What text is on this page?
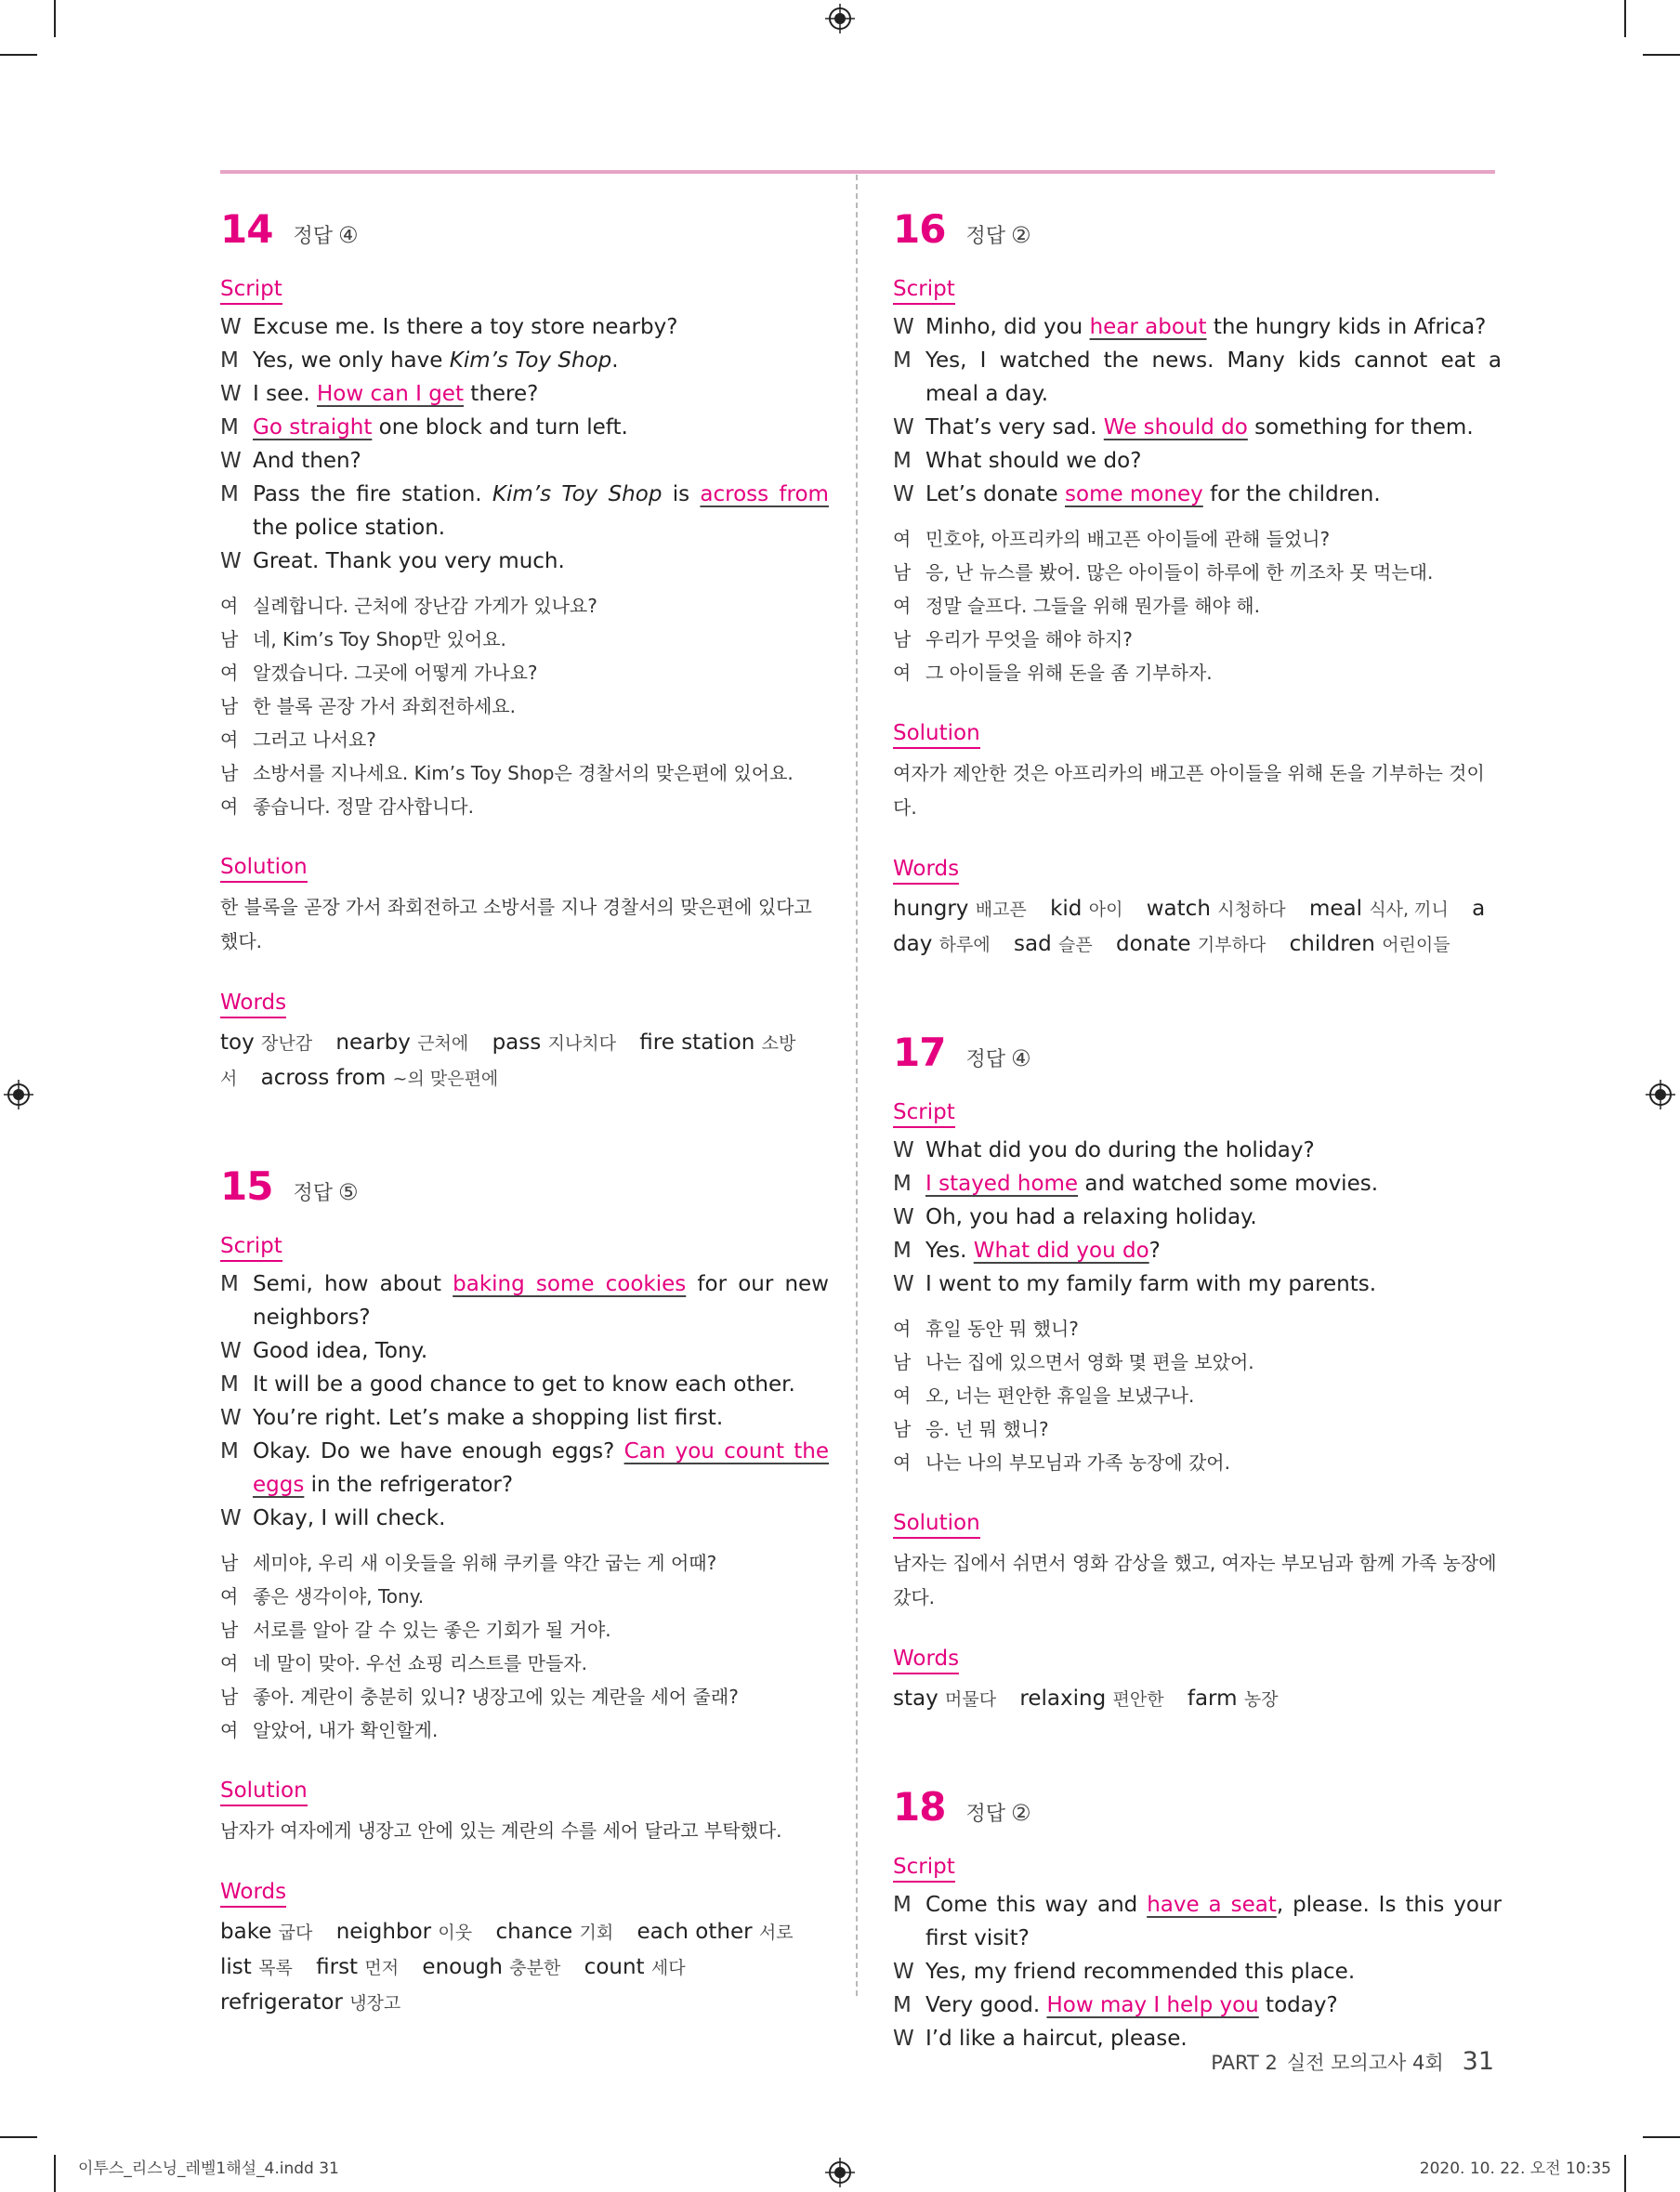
14 정답 ④
Script
W Excuse me. Is there a toy store nearby?
M Yes, we only have Kim’s Toy Shop.
W I see. How can I get there?
M Go straight one block and turn left.
W And then?
M Pass the fire station. Kim’s Toy Shop is across from the police station.
W Great. Thank you very much.
여 실례합니다. 근처에 장난감 가게가 있나요?
남 네, Kim’s Toy Shop만 있어요.
여 알겠습니다. 그곳에 어떻게 가나요?
남 한 블록 곧장 가서 좌회전하세요.
여 그러고 나서요?
남 소방서를 지나세요. Kim’s Toy Shop은 경찰서의 맞은편에 있어요.
여 좋습니다. 정말 감사합니다.
Solution
한 블록을 곧장 가서 좌회전하고 소방서를 지나 경찰서의 맞은편에 있다고 했다.
Words
toy 장난감 nearby 근처에 pass 지나치다 fire station 소방서 across from ~의 맞은편에
15 정답 ⑤
Script
M Semi, how about baking some cookies for our new neighbors?
W Good idea, Tony.
M It will be a good chance to get to know each other.
W You’re right. Let’s make a shopping list first.
M Okay. Do we have enough eggs? Can you count the eggs in the refrigerator?
W Okay, I will check.
남 세미야, 우리 새 이웃들을 위해 쿠키를 약간 굽는 게 어때?
여 좋은 생각이야, Tony.
남 서로를 알아 갈 수 있는 좋은 기회가 될 거야.
여 네 말이 맞아. 우선 쇼핑 리스트를 만들자.
남 좋아. 계란이 충분히 있니? 냉장고에 있는 계란을 세어 줄래?
여 알았어, 내가 확인할게.
Solution
남자가 여자에게 냉장고 안에 있는 계란의 수를 세어 달라고 부탁했다.
Words
bake 굽다 neighbor 이웃 chance 기회 each other 서로 list 목록 first 먼저 enough 충분한 count 세다 refrigerator 냉장고
16 정답 ②
Script
W Minho, did you hear about the hungry kids in Africa?
M Yes, I watched the news. Many kids cannot eat a meal a day.
W That’s very sad. We should do something for them.
M What should we do?
W Let’s donate some money for the children.
여 민호야, 아프리카의 배고픈 아이들에 관해 들었니?
남 응, 난 뉴스를 봤어. 많은 아이들이 하루에 한 끼조차 못 먹는대.
여 정말 슬프다. 그들을 위해 뭔가를 해야 해.
남 우리가 무엇을 해야 하지?
여 그 아이들을 위해 돈을 좀 기부하자.
Solution
여자가 제안한 것은 아프리카의 배고픈 아이들을 위해 돈을 기부하는 것이다.
Words
hungry 배고픈 kid 아이 watch 시청하다 meal 식사, 끼니 a day 하루에 sad 슬픈 donate 기부하다 children 어린이들
17 정답 ④
Script
W What did you do during the holiday?
M I stayed home and watched some movies.
W Oh, you had a relaxing holiday.
M Yes. What did you do?
W I went to my family farm with my parents.
여 휴일 동안 뭐 했니?
남 나는 집에 있으면서 영화 몇 편을 보았어.
여 오, 너는 편안한 휴일을 보냈구나.
남 응. 넌 뭐 했니?
여 나는 나의 부모님과 가족 농장에 갔어.
Solution
남자는 집에서 쉬면서 영화 감상을 했고, 여자는 부모님과 함께 가족 농장에 갔다.
Words
stay 머물다 relaxing 편안한 farm 농장
18 정답 ②
Script
M Come this way and have a seat, please. Is this your first visit?
W Yes, my friend recommended this place.
M Very good. How may I help you today?
W I’d like a haircut, please.
PART 2 실전 모의고사 4회 31
이투스_리스닝_레벨1해설_4.indd 31	2020. 10. 22. 오전 10:35
